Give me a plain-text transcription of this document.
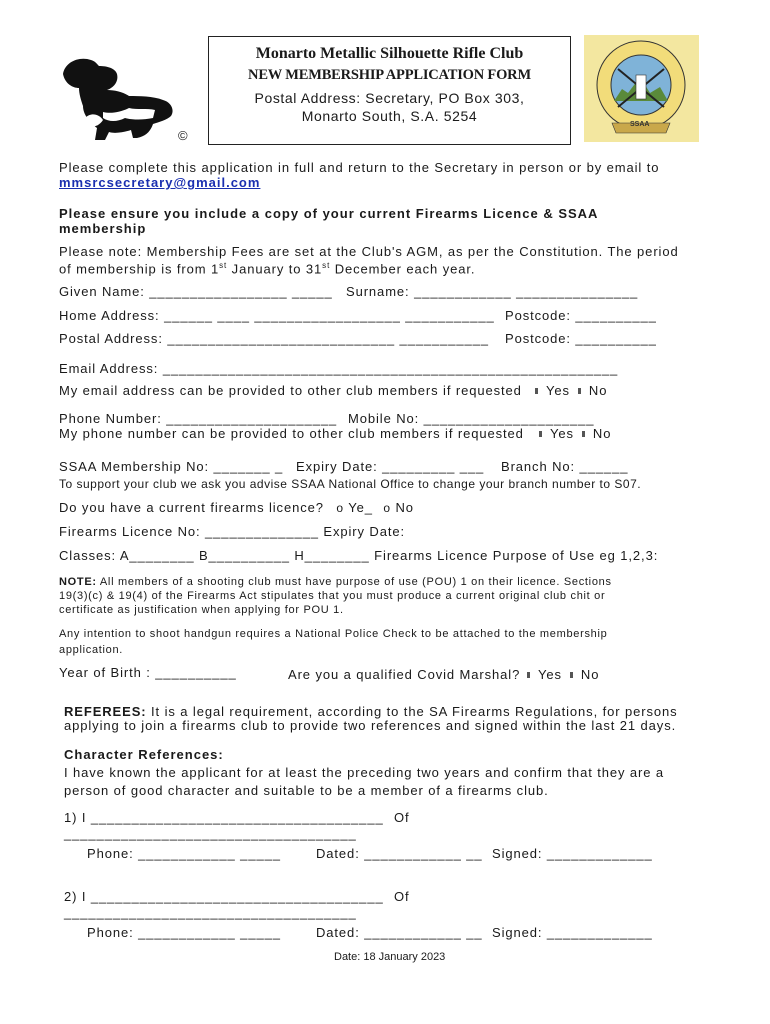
©
Monarto Metallic Silhouette Rifle Club
NEW MEMBERSHIP APPLICATION FORM
Postal Address: Secretary, PO Box 303,
Monarto South, S.A. 5254
SSAA
Please complete this application in full and return to the Secretary in person or by email to
mmsrcsecretary@gmail.com
Please ensure you include a copy of your current Firearms Licence & SSAA
membership
Please note: Membership Fees are set at the Club's AGM, as per the Constitution. The period
of membership is from 1st January to 31st December each year.
Given Name: _________________ _____ Surname: ____________ _______________
Home Address: ______ ____ __________________ ___________ Postcode: __________
Postal Address: ____________________________ ___________ Postcode: __________
Email Address: ________________________________________________________
My email address can be provided to other club members if requested	Yes No
Phone Number: _____________________ Mobile No: _____________________
My phone number can be provided to other club members if requested	Yes No
SSAA Membership No: _______ _ Expiry Date: _________ ___ Branch No: ______
To support your club we ask you advise SSAA National Office to change your branch number to S07.
Do you have a current firearms licence? o Ye_ o No
Firearms Licence No: ______________ Expiry Date:
Classes: A________ B__________ H________ Firearms Licence Purpose of Use eg 1,2,3:
NOTE: All members of a shooting club must have purpose of use (POU) 1 on their licence. Sections
19(3)(c) & 19(4) of the Firearms Act stipulates that you must produce a current original club chit or
certificate as justification when applying for POU 1.
Any intention to shoot handgun requires a National Police Check to be attached to the membership
application.
Year of Birth : __________	Are you a qualified Covid Marshal?	Yes No
REFEREES: It is a legal requirement, according to the SA Firearms Regulations, for persons
applying to join a firearms club to provide two references and signed within the last 21 days.
Character References:
I have known the applicant for at least the preceding two years and confirm that they are a
person of good character and suitable to be a member of a firearms club.
1) I ____________________________________ Of
____________________________________
Phone: ____________ _____	Dated: ____________ __ Signed: _____________
2) I ____________________________________ Of
____________________________________
Phone: ____________ _____	Dated: ____________ __ Signed: _____________
Date: 18 January 2023
